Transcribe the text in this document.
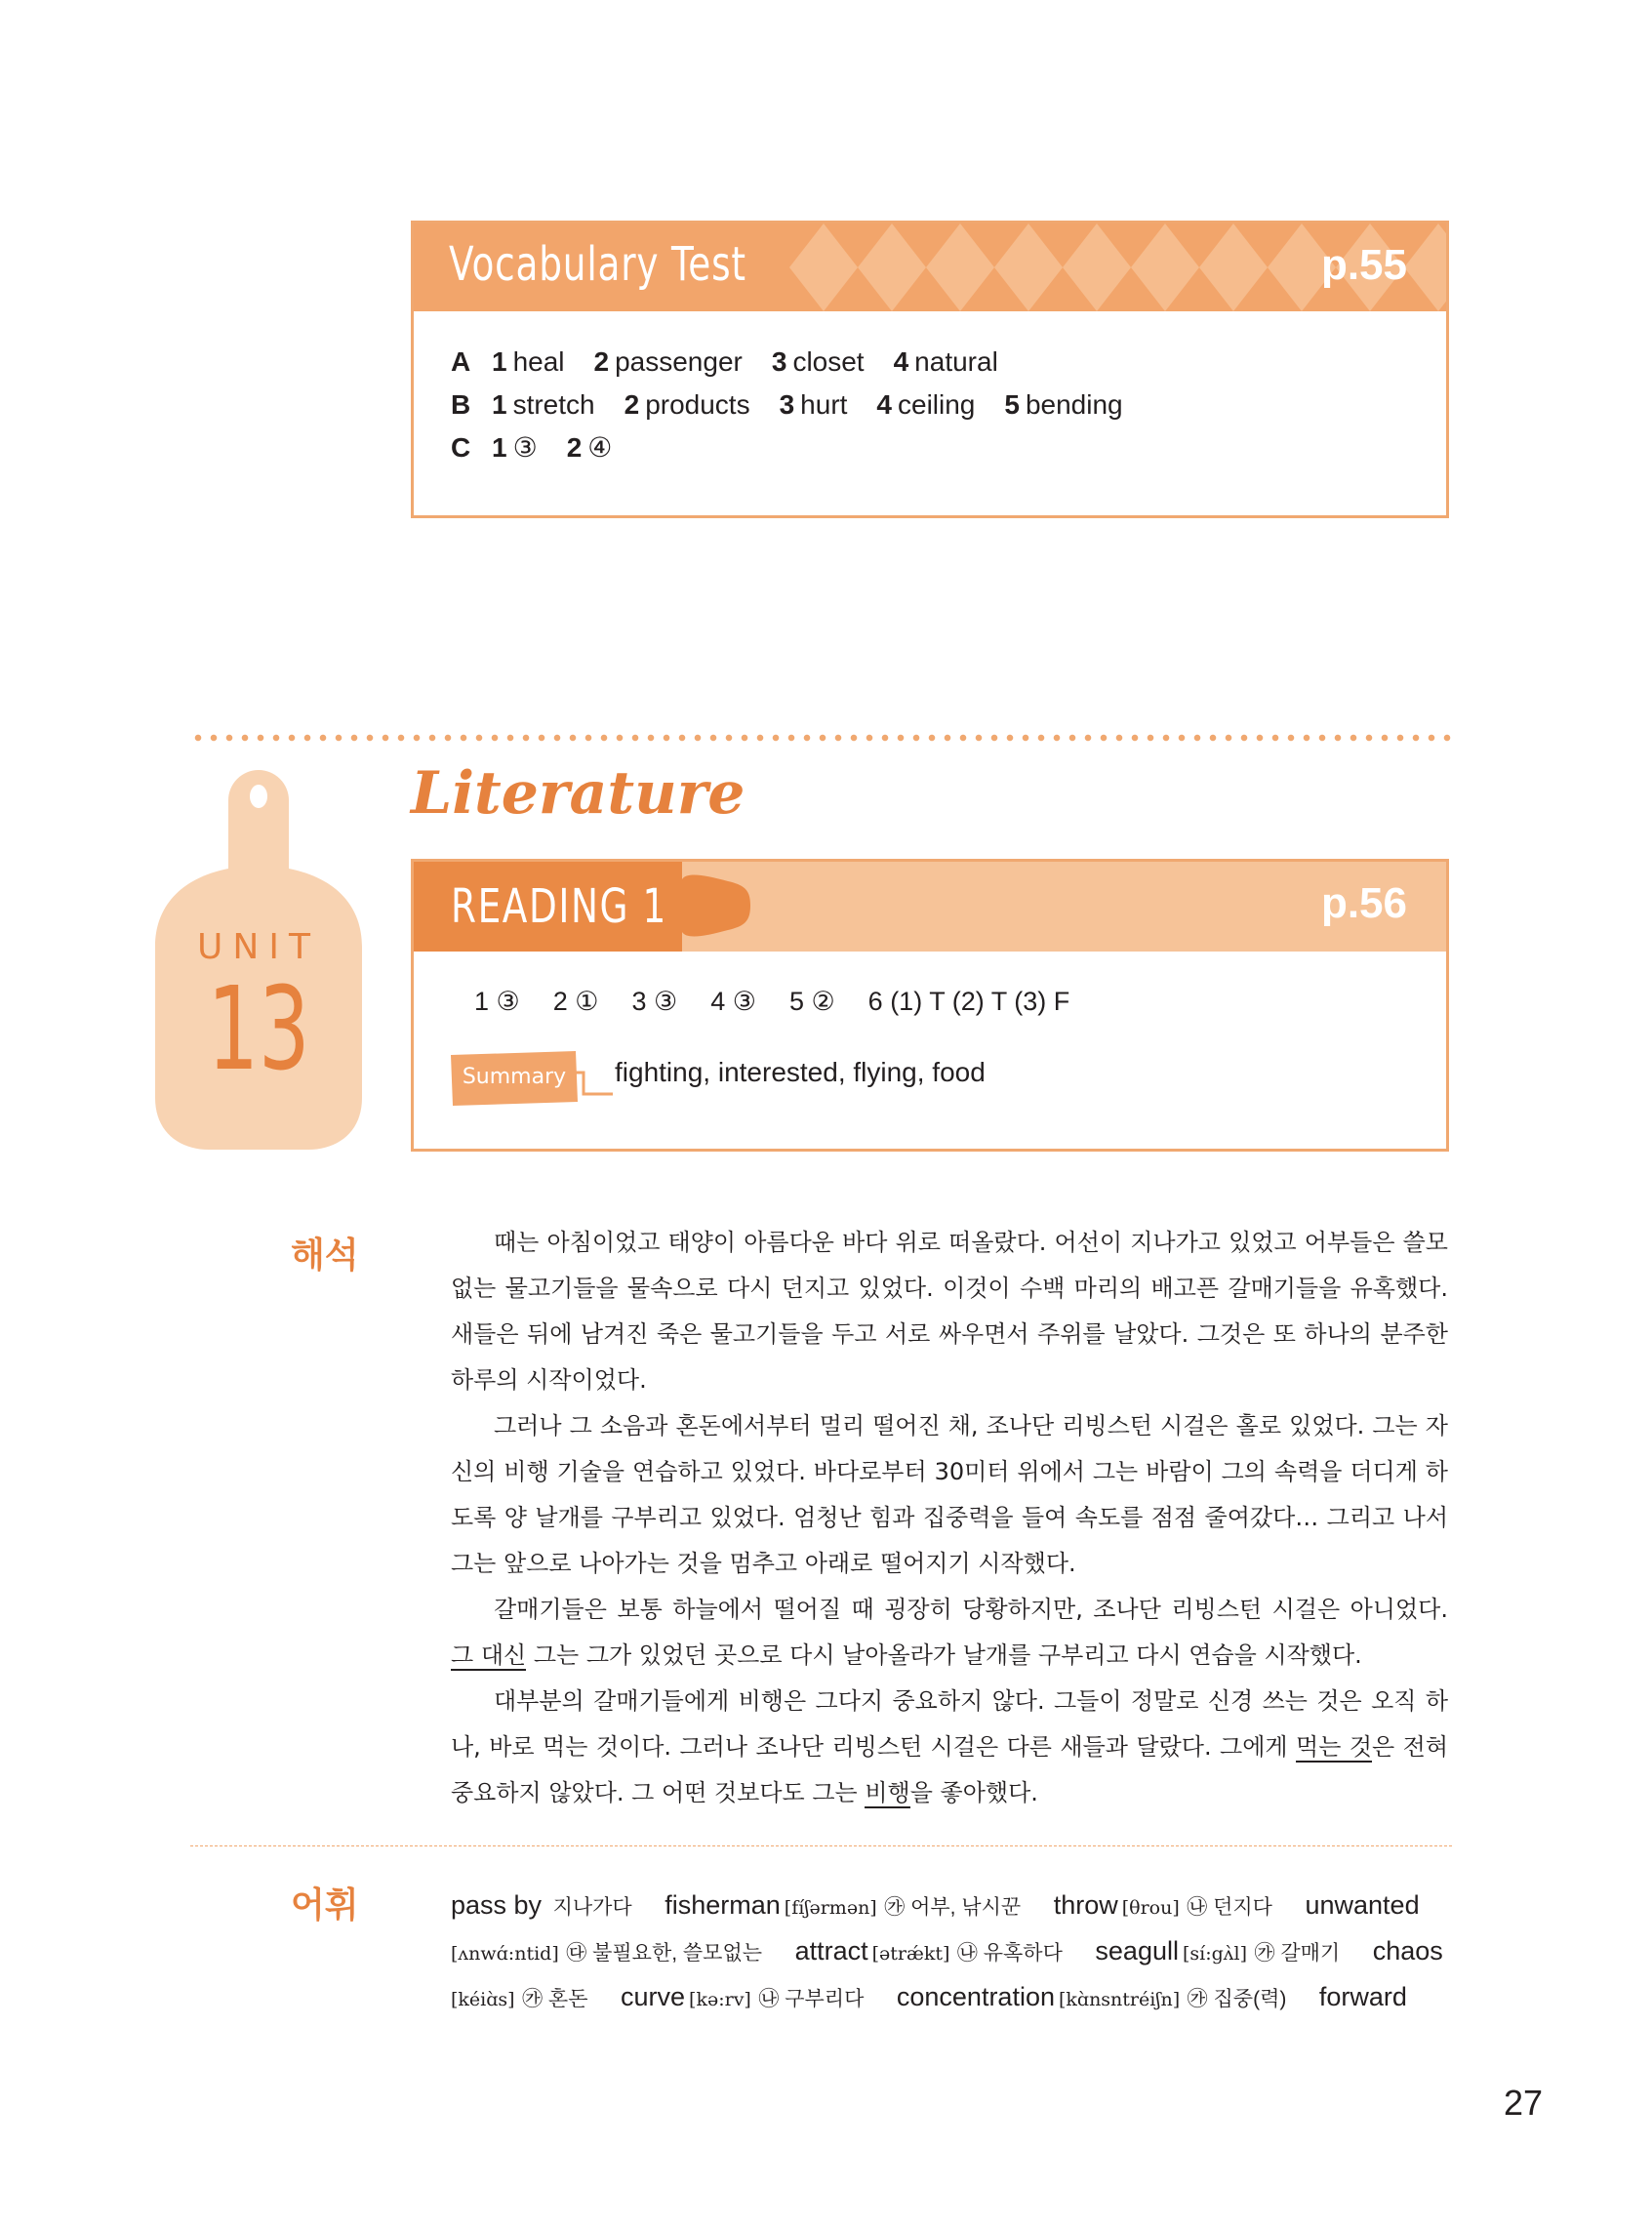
Vocabulary Test	p.55
A 1 heal 2 passenger 3 closet 4 natural
B 1 stretch 2 products 3 hurt 4 ceiling 5 bending
C 1 ③ 2 ④
UNIT
13
Literature
READING 1	p.56
1 ③ 2 ① 3 ③ 4 ③ 5 ② 6 (1) T (2) T (3) F
Summary	fighting, interested, flying, food
해석	때는 아침이었고 태양이 아름다운 바다 위로 떠올랐다. 어선이 지나가고 있었고 어부들은 쓸모없는 물고기들을 물속으로 다시 던지고 있었다. 이것이 수백 마리의 배고픈 갈매기들을 유혹했다. 새들은 뒤에 남겨진 죽은 물고기들을 두고 서로 싸우면서 주위를 날았다. 그것은 또 하나의 분주한 하루의 시작이었다.

그러나 그 소음과 혼돈에서부터 멀리 떨어진 채, 조나단 리빙스턴 시걸은 홀로 있었다. 그는 자신의 비행 기술을 연습하고 있었다. 바다로부터 30미터 위에서 그는 바람이 그의 속력을 더디게 하도록 양 날개를 구부리고 있었다. 엄청난 힘과 집중력을 들여 속도를 점점 줄여갔다… 그리고 나서 그는 앞으로 나아가는 것을 멈추고 아래로 떨어지기 시작했다.

갈매기들은 보통 하늘에서 떨어질 때 굉장히 당황하지만, 조나단 리빙스턴 시걸은 아니었다. 그 대신 그는 그가 있었던 곳으로 다시 날아올라가 날개를 구부리고 다시 연습을 시작했다.

대부분의 갈매기들에게 비행은 그다지 중요하지 않다. 그들이 정말로 신경 쓰는 것은 오직 하나, 바로 먹는 것이다. 그러나 조나단 리빙스턴 시걸은 다른 새들과 달랐다. 그에게 먹는 것은 전혀 중요하지 않았다. 그 어떤 것보다도 그는 비행을 좋아했다.

어휘	pass by 지나가다 fisherman [fíʃərmən] ㉮ 어부, 낚시꾼 throw [θrou] ㉯ 던지다 unwanted [ʌnwɑ́:ntid] ㉰ 불필요한, 쓸모없는 attract [ətrǽkt] ㉯ 유혹하다 seagull [sí:gʌ̀l] ㉮ 갈매기 chaos [kéiɑ̀s] ㉮ 혼돈 curve [kə:rv] ㉯ 구부리다 concentration [kɑ̀nsntréiʃn] ㉮ 집중(력) forward
27
